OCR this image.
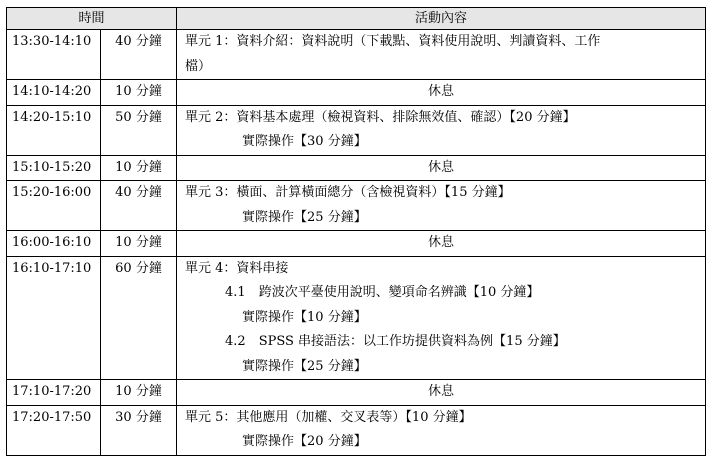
時間		活動內容
13:30-14:10	40 分鐘	單元 1：資料介紹：資料說明（下載點、資料使用說明、判讀資料、工作
檔）

14:10-14:20	10 分鐘	休息
14:20-15:10	50 分鐘	單元 2：資料基本處理（檢視資料、排除無效值、確認）【20 分鐘】
實際操作【30 分鐘】

15:10-15:20	10 分鐘	休息
15:20-16:00	40 分鐘	單元 3：橫面、計算橫面總分（含檢視資料）【15 分鐘】
實際操作【25 分鐘】

16:00-16:10	10 分鐘	休息
16:10-17:10	60 分鐘	單元 4：資料串接
4.1　跨波次平臺使用說明、變項命名辨識【10 分鐘】
實際操作【10 分鐘】
4.2　SPSS 串接語法：以工作坊提供資料為例【15 分鐘】
實際操作【25 分鐘】

17:10-17:20	10 分鐘	休息
17:20-17:50	30 分鐘	單元 5：其他應用（加權、交叉表等）【10 分鐘】
實際操作【20 分鐘】
